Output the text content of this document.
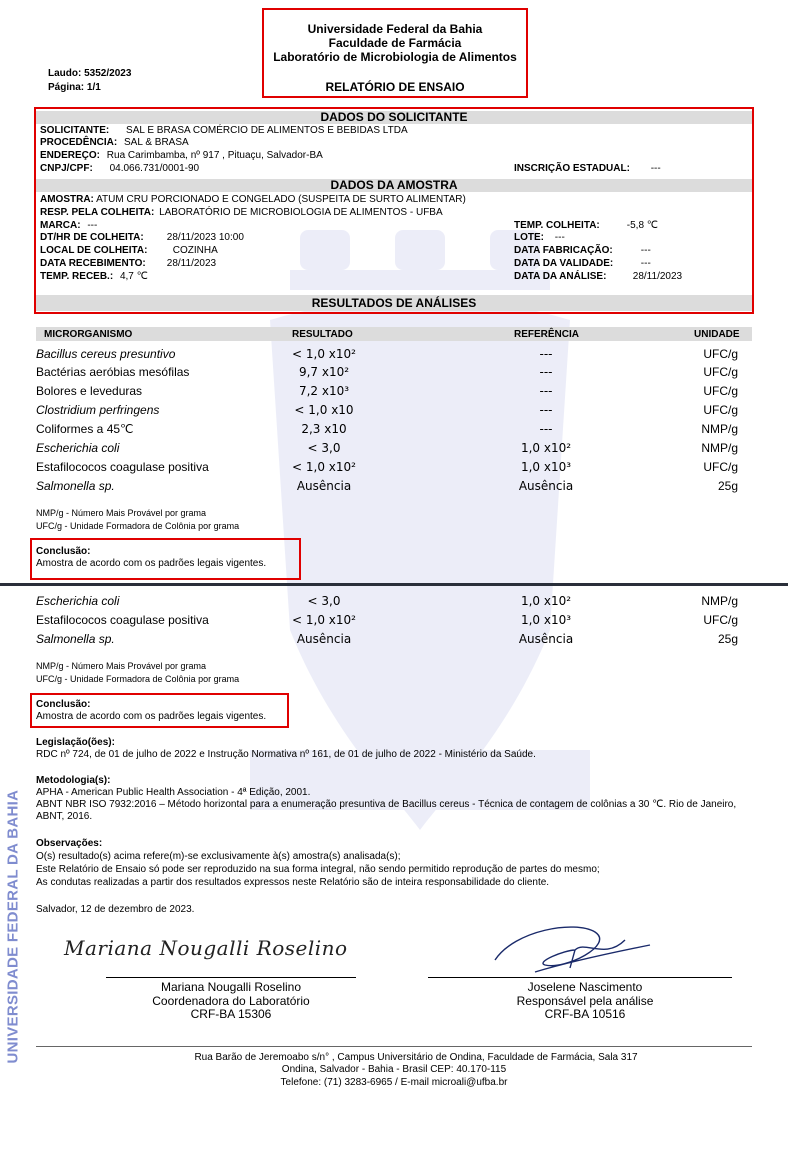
UNIVERSIDADE FEDERAL DA BAHIA
Universidade Federal da Bahia
Faculdade de Farmácia
Laboratório de Microbiologia de Alimentos
RELATÓRIO DE ENSAIO
Laudo: 5352/2023
Página: 1/1
DADOS DO SOLICITANTE
SOLICITANTE: SAL E BRASA COMÉRCIO DE ALIMENTOS E BEBIDAS LTDA
PROCEDÊNCIA: SAL & BRASA
ENDEREÇO: Rua Carimbamba, nº 917 , Pituaçu, Salvador-BA
CNPJ/CPF: 04.066.731/0001-90	INSCRIÇÃO ESTADUAL: ---
DADOS DA AMOSTRA
AMOSTRA: ATUM CRU PORCIONADO E CONGELADO (SUSPEITA DE SURTO ALIMENTAR)
RESP. PELA COLHEITA: LABORATÓRIO DE MICROBIOLOGIA DE ALIMENTOS - UFBA
MARCA: ---
DT/HR DE COLHEITA: 28/11/2023 10:00
LOCAL DE COLHEITA:	COZINHA
DATA RECEBIMENTO: 28/11/2023
TEMP. RECEB.: 4,7 ℃
TEMP. COLHEITA:	-5,8 ℃
LOTE: ---
DATA FABRICAÇÃO:	---
DATA DA VALIDADE:	---
DATA DA ANÁLISE:	28/11/2023
RESULTADOS DE ANÁLISES
MICRORGANISMO	RESULTADO	REFERÊNCIA	UNIDADE
Bacillus cereus presuntivo	< 1,0 x10²	---	UFC/g
Bactérias aeróbias mesófilas	9,7 x10²	---	UFC/g
Bolores e leveduras	7,2 x10³	---	UFC/g
Clostridium perfringens	< 1,0 x10	---	UFC/g
Coliformes a 45℃	2,3 x10	---	NMP/g
Escherichia coli	< 3,0	1,0 x10²	NMP/g
Estafilococos coagulase positiva	< 1,0 x10²	1,0 x10³	UFC/g
Salmonella sp.	Ausência	Ausência	25g
NMP/g - Número Mais Provável por grama
UFC/g - Unidade Formadora de Colônia por grama
Conclusão:
Amostra de acordo com os padrões legais vigentes.
Escherichia coli	< 3,0	1,0 x10²	NMP/g
Estafilococos coagulase positiva	< 1,0 x10²	1,0 x10³	UFC/g
Salmonella sp.	Ausência	Ausência	25g
NMP/g - Número Mais Provável por grama
UFC/g - Unidade Formadora de Colônia por grama
Conclusão:
Amostra de acordo com os padrões legais vigentes.
Legislação(ões):
RDC nº 724, de 01 de julho de 2022 e Instrução Normativa nº 161, de 01 de julho de 2022 - Ministério da Saúde.
Metodologia(s):
APHA - American Public Health Association - 4ª Edição, 2001.
ABNT NBR ISO 7932:2016 – Método horizontal para a enumeração presuntiva de Bacillus cereus - Técnica de contagem de colônias a 30 ℃. Rio de Janeiro, ABNT, 2016.
Observações:
O(s) resultado(s) acima refere(m)-se exclusivamente à(s) amostra(s) analisada(s);
Este Relatório de Ensaio só pode ser reproduzido na sua forma integral, não sendo permitido reprodução de partes do mesmo;
As condutas realizadas a partir dos resultados expressos neste Relatório são de inteira responsabilidade do cliente.
Salvador, 12 de dezembro de 2023.
Mariana Nougalli Roselino
Mariana Nougalli Roselino
Coordenadora do Laboratório
CRF-BA 15306
Joselene Nascimento
Responsável pela análise
CRF-BA 10516
Rua Barão de Jeremoabo s/n° , Campus Universitário de Ondina, Faculdade de Farmácia, Sala 317
Ondina, Salvador - Bahia - Brasil CEP: 40.170-115
Telefone: (71) 3283-6965 / E-mail microali@ufba.br
